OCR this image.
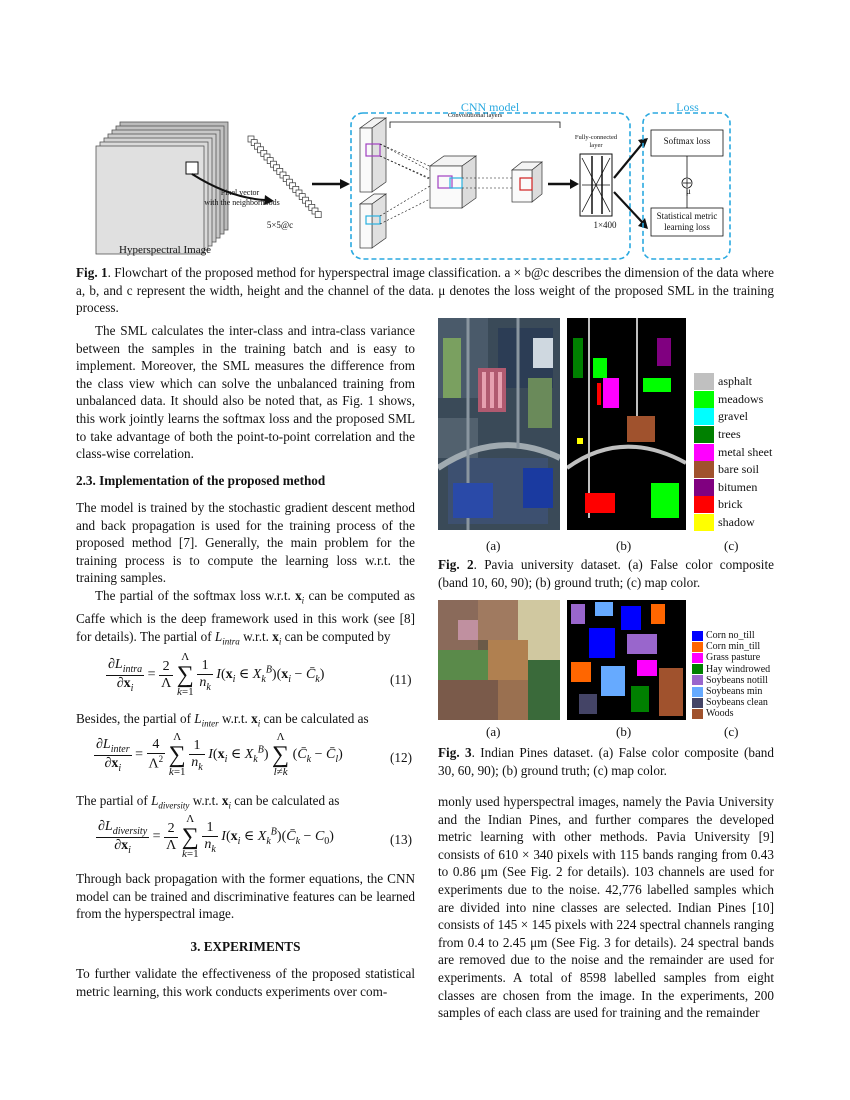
CNN model	Loss
Convolutional layers
Fully-connected
layer
1×400
Pixel vector
with the neighborhoods
5×5@c
Hyperspectral Image
Softmax loss
μ
Statistical metric
learning loss
Fig. 1. Flowchart of the proposed method for hyperspectral image classification. a × b@c describes the dimension of the data where a, b, and c represent the width, height and the channel of the data. μ denotes the loss weight of the proposed SML in the training process.

The SML calculates the inter-class and intra-class variance between the samples in the training batch and is easy to implement. Moreover, the SML measures the difference from the class view which can solve the unbalanced training from unbalanced data. It should also be noted that, as Fig. 1 shows, this work jointly learns the softmax loss and the proposed SML to take advantage of both the point-to-point correlation and the class-wise correlation.

2.3. Implementation of the proposed method

The model is trained by the stochastic gradient descent method and back propagation is used for the training process of the proposed method [7]. Generally, the main problem for the training process is to compute the learning loss w.r.t. the training samples.

The partial of the softmax loss w.r.t. $x_i$ can be computed as Caffe which is the deep framework used in this work (see [8] for details). The partial of $L_{intra}$ w.r.t. $x_i$ can be computed by

$\frac{\partial L_{intra}}{\partial x_i} = \frac{2}{\Lambda}$
Λ
∑
$k=1 \frac{1}{n_k} I(x_i$ ∈ $X_k^B)(x_i$ − $C̄_k$)	(11)
Besides, the partial of $L_{inter}$ w.r.t. $x_i$ can be calculated as
$\frac{\partial L_{inter}}{\partial x_i} = \frac{4}{\Lambda^2}$
Λ
∑
$k=1 \frac{1}{n_k} I(x_i$ ∈ $X_k^B$) Λ
∑
l≠k ($C̄_k$ − $C̄_l$)	(12)
The partial of $L_{diversity}$ w.r.t. $x_i$ can be calculated as
$\frac{\partial L_{diversity}}{\partial x_i} = \frac{2}{\Lambda}$
Λ
∑
$k=1 \frac{1}{n_k} I(x_i$ ∈ $X_k^B)(C̄_k - C_0)$	(13)

Through back propagation with the former equations, the CNN model can be trained and discriminative features can be learned from the hyperspectral image.

3. EXPERIMENTS

To further validate the effectiveness of the proposed statistical metric learning, this work conducts experiments over com-

asphalt
meadows
gravel
trees
metal sheet
bare soil
bitumen
brick
shadow
(a)	(b)	(c)
Fig. 2. Pavia university dataset. (a) False color composite (band 10, 60, 90); (b) ground truth; (c) map color.
Corn no_till
Corn min_till
Grass pasture
Hay windrowed
Soybeans notill
Soybeans min
Soybeans clean
Woods
(a)	(b)	(c)
Fig. 3. Indian Pines dataset. (a) False color composite (band 30, 60, 90); (b) ground truth; (c) map color.

monly used hyperspectral images, namely the Pavia University and the Indian Pines, and further compares the developed metric learning with other methods. Pavia University [9] consists of 610 × 340 pixels with 115 bands ranging from 0.43 to 0.86 μm (See Fig. 2 for details). 103 channels are used for experiments due to the noise. 42,776 labelled samples which are divided into nine classes are selected. Indian Pines [10] consists of 145 × 145 pixels with 224 spectral channels ranging from 0.4 to 2.45 μm (See Fig. 3 for details). 24 spectral bands are removed due to the noise and the remainder are used for experiments. A total of 8598 labelled samples from eight classes are chosen from the image. In the experiments, 200 samples of each class are used for training and the remainder
